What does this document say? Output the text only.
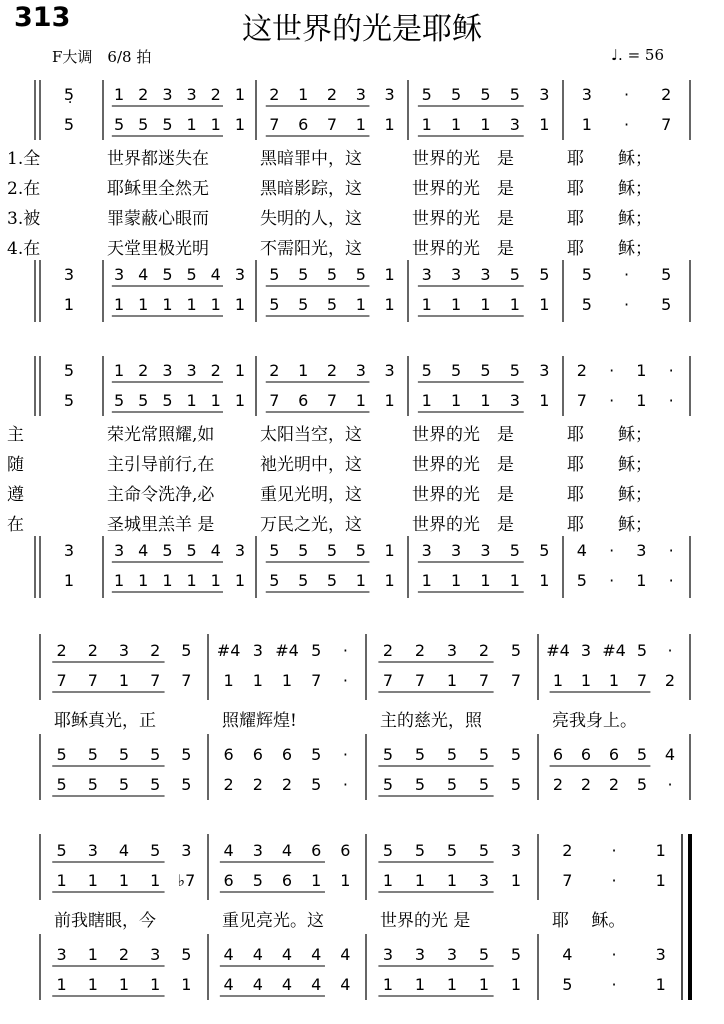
313	这世界的光是耶稣
F大调　6/8 拍	♩. = 56
5̣ 1 2 3 3 2 1 2 1 2 3 3 5 5 5 5 3 3 · 2
5 5 5 5 1 1 1 7 6 7 1 1 1 1 1 3 1 1 · 7
1.全	世界都迷失在	黑暗罪中，这	世界的光　是	耶　　稣；
2.在	耶稣里全然无	黑暗影踪，这	世界的光　是	耶　　稣；
3.被	罪蒙蔽心眼而	失明的人，这	世界的光　是	耶　　稣；
4.在	天堂里极光明	不需阳光，这	世界的光　是	耶　　稣；
3 3 4 5 5 4 3 5 5 5 5 1 3 3 3 5 5 5 · 5
1 1 1 1 1 1 1 5 5 5 1 1 1 1 1 1 1 5 · 5
5 1 2 3 3 2 1 2 1 2 3 3 5 5 5 5 3 2 · 1 ·
5 5 5 5 1 1 1 7 6 7 1 1 1 1 1 3 1 7 · 1 ·
主	荣光常照耀,如	太阳当空，这	世界的光　是	耶　　稣；
随	主引导前行,在	祂光明中，这	世界的光　是	耶　　稣；
遵	主命令洗净,必	重见光明，这	世界的光　是	耶　　稣；
在	圣城里羔羊 是	万民之光，这	世界的光　是	耶　　稣；
3 3 4 5 5 4 3 5 5 5 5 1 3 3 3 5 5 4 · 3 ·
1 1 1 1 1 1 1 5 5 5 1 1 1 1 1 1 1 5 · 1 ·
2 2 3 2 5 #4 3 #4 5 · 2 2 3 2 5 #4 3 #4 5 ·
7 7 1 7 7 1 1 1 7 · 7 7 1 7 7 1 1 1 7 2
耶稣真光，正	照耀辉煌!	主的慈光，照	亮我身上。
5 5 5 5 5 6 6 6 5 · 5 5 5 5 5 6 6 6 5 4
5 5 5 5 5 2 2 2 5 · 5 5 5 5 5 2 2 2 5 ·
5 3 4 5 3 4 3 4 6 6 5 5 5 5 3	2 · 1
1 1 1 1 ♭7 6 5 6 1 1 1 1 1 3 1	7 · 1
前我瞎眼，今	重见亮光。这	世界的光 是	耶　 稣。
3 1 2 3 5 4 4 4 4 4 3 3 3 5 5	4 · 3
1 1 1 1 1 4 4 4 4 4 1 1 1 1 1	5 · 1
